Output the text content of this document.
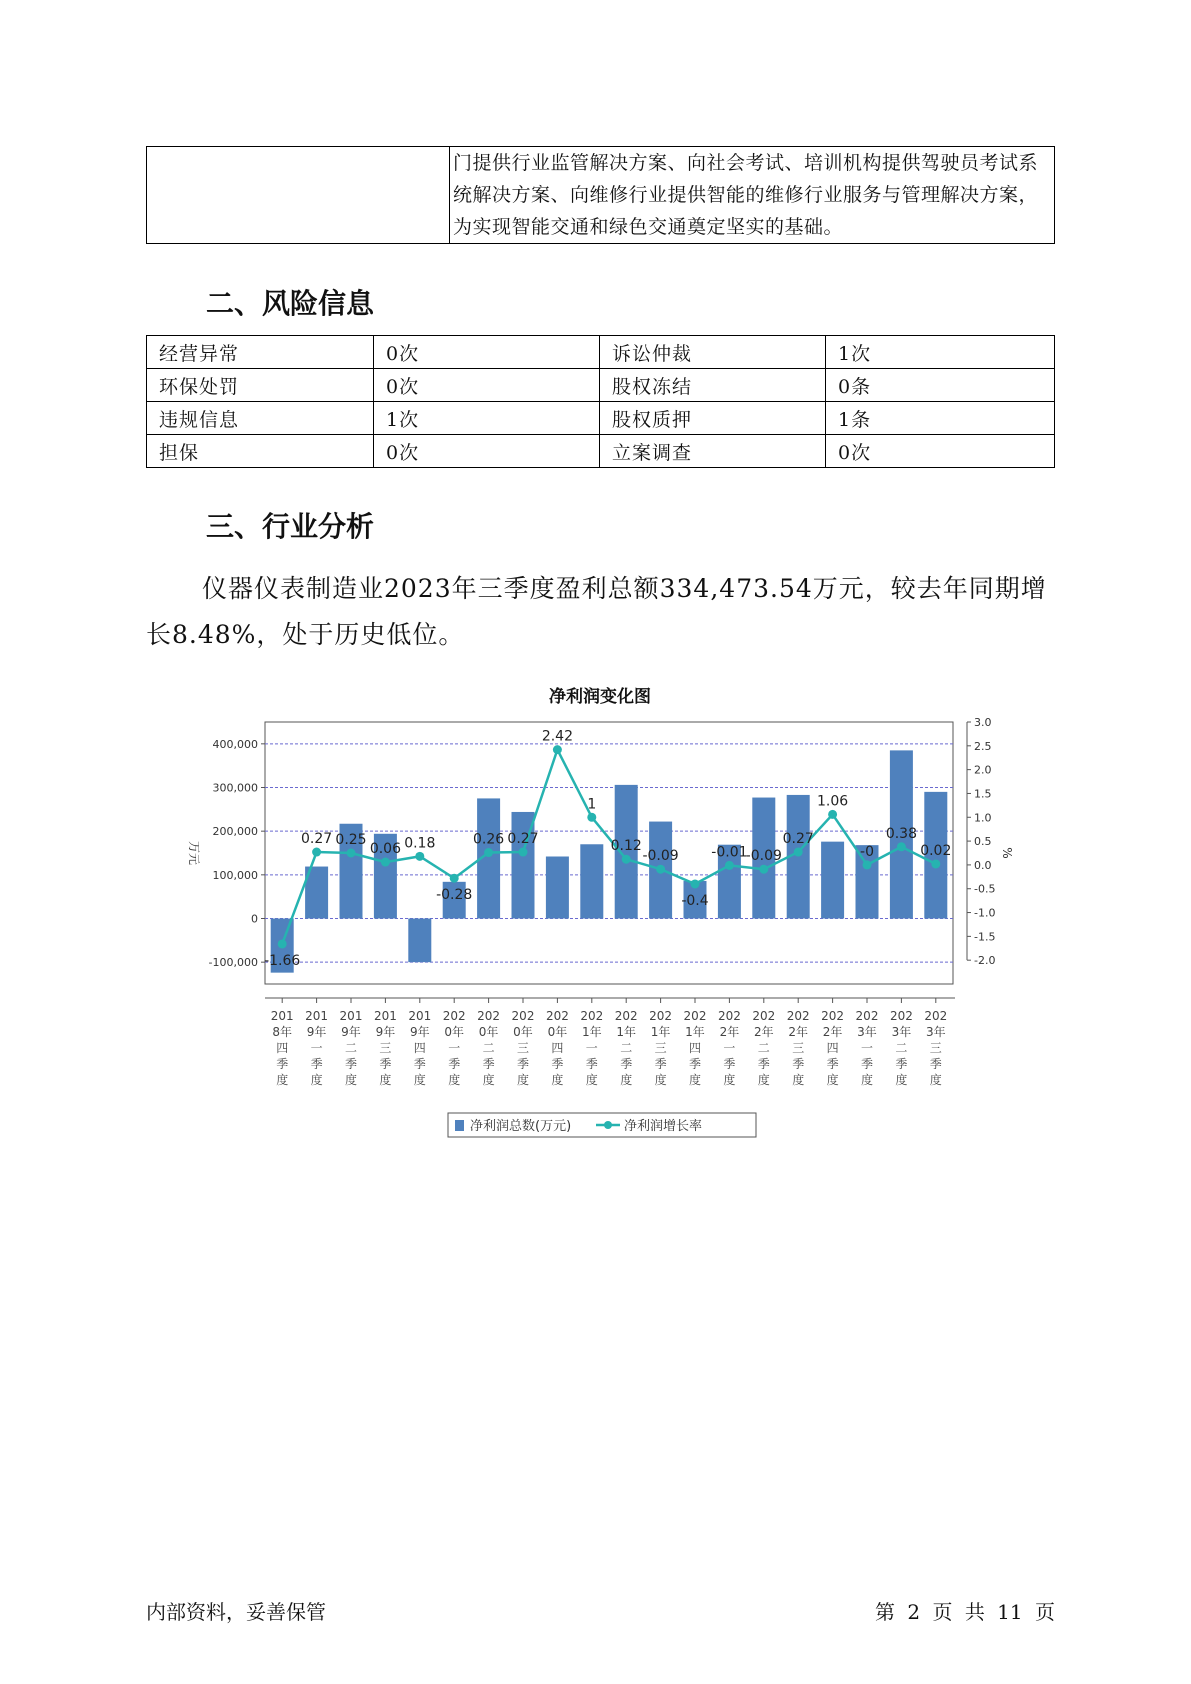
门提供行业监管解决方案、向社会考试、培训机构提供驾驶员考试系
统解决方案、向维修行业提供智能的维修行业服务与管理解决方案，
为实现智能交通和绿色交通奠定坚实的基础。
二、风险信息
经营异常	0次	诉讼仲裁	1次
环保处罚	0次	股权冻结	0条
违规信息	1次	股权质押	1条
担保	0次	立案调查	0次
三、行业分析

仪器仪表制造业2023年三季度盈利总额334,473.54万元，较去年同期增长8.48%，处于历史低位。

净利润变化图
-1.66
0.27 0.25
0.06 0.18
-0.28
0.26 0.27
2.42
1
0.12
-0.09
-0.4
-0.01
-0.09
0.27
1.06
-0
0.38
0.02
-100,000
0
100,000
200,000
300,000
400,000
-2.0
-1.5
-1.0
-0.5
0.0
0.5
1.0
1.5
2.0
2.5
3.0
201 8年四季度
201 9年一季度
201 9年二季度
201 9年三季度
201 9年四季度
202 0年一季度
202 0年二季度
202 0年三季度
202 0年四季度
202 1年一季度
202 1年二季度
202 1年三季度
202 1年四季度
202 2年一季度
202 2年二季度
202 2年三季度
202 2年四季度
202 3年一季度
202 3年二季度
202 3年三季度
万元	%
净利润总数(万元)	净利润增长率
内部资料，妥善保管	第 2 页 共 11 页
